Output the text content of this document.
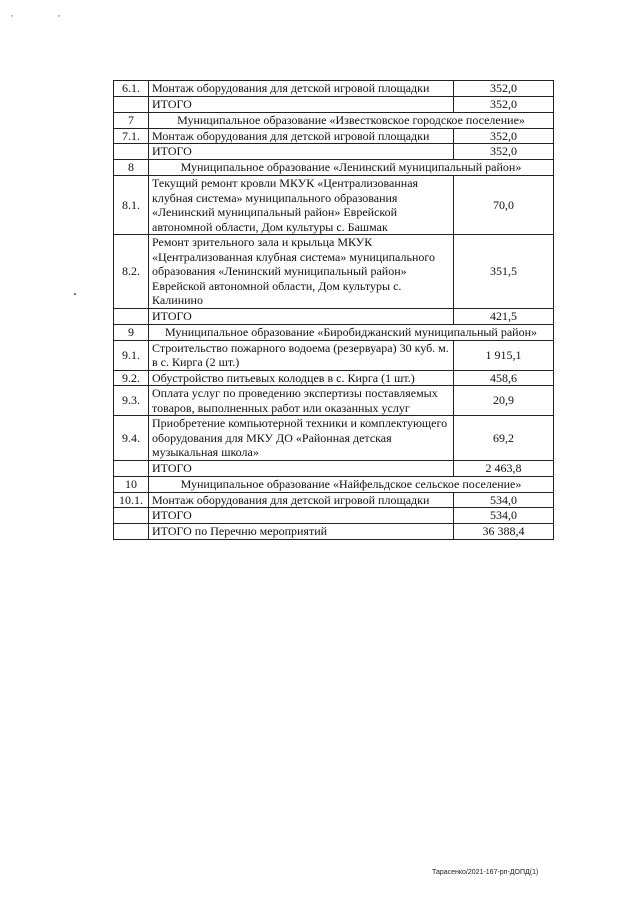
˙ ˙
6.1.	Монтаж оборудования для детской игровой площадки	352,0
	ИТОГО	352,0
7	Муниципальное образование «Известковское городское поселение»	
7.1.	Монтаж оборудования для детской игровой площадки	352,0
	ИТОГО	352,0
8	Муниципальное образование «Ленинский муниципальный район»	
8.1.	Текущий ремонт кровли МКУК «Централизованная клубная система» муниципального образования «Ленинский муниципальный район» Еврейской автономной области, Дом культуры с. Башмак	70,0
8.2.	Ремонт зрительного зала и крыльца МКУК «Централизованная клубная система» муниципального образования «Ленинский муниципальный район» Еврейской автономной области, Дом культуры с. Калинино	351,5
	ИТОГО	421,5
9	Муниципальное образование «Биробиджанский муниципальный район»	
9.1.	Строительство пожарного водоема (резервуара) 30 куб. м. в с. Кирга (2 шт.)	1 915,1
9.2.	Обустройство питьевых колодцев в с. Кирга (1 шт.)	458,6
9.3.	Оплата услуг по проведению экспертизы поставляемых товаров, выполненных работ или оказанных услуг	20,9
9.4.	Приобретение компьютерной техники и комплектующего оборудования для МКУ ДО «Районная детская музыкальная школа»	69,2
	ИТОГО	2 463,8
10	Муниципальное образование «Найфельдское сельское поселение»	
10.1.	Монтаж оборудования для детской игровой площадки	534,0
	ИТОГО	534,0
	ИТОГО по Перечню мероприятий	36 388,4
Тарасенко/2021-167-рп-ДОПД(1)
